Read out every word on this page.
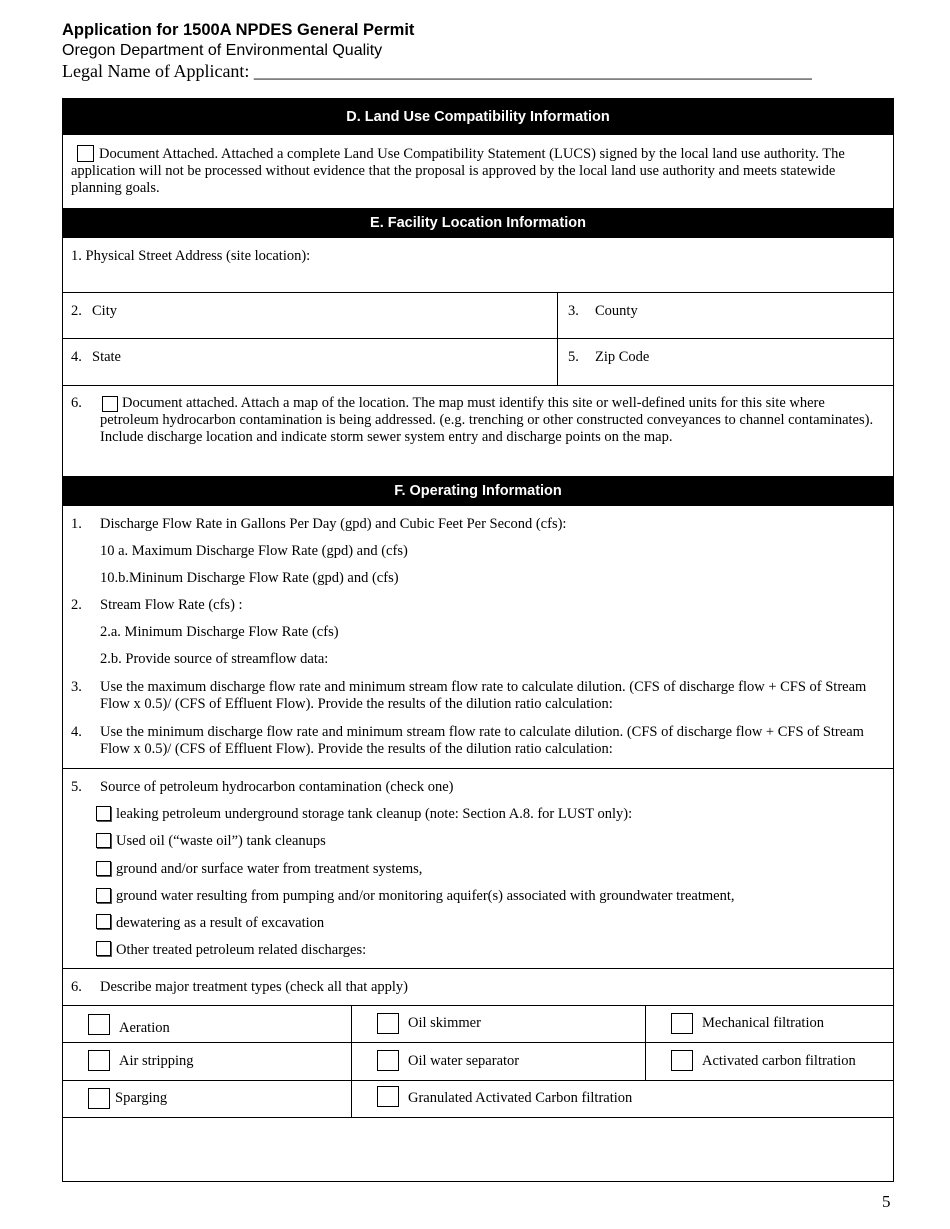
Application for 1500A NPDES General Permit
Oregon Department of Environmental Quality
Legal Name of Applicant: ______________________________________________________________
D. Land Use Compatibility Information
Document Attached. Attached a complete Land Use Compatibility Statement (LUCS) signed by the local land use authority. The application will not be processed without evidence that the proposal is approved by the local land use authority and meets statewide planning goals.
E. Facility Location Information
1. Physical Street Address (site location):
2. City	3. County
4. State	5. Zip Code
6.	Document attached. Attach a map of the location. The map must identify this site or well-defined units for this site where petroleum hydrocarbon contamination is being addressed. (e.g. trenching or other constructed conveyances to channel contaminates). Include discharge location and indicate storm sewer system entry and discharge points on the map.
F. Operating Information
1. Discharge Flow Rate in Gallons Per Day (gpd) and Cubic Feet Per Second (cfs):
10 a. Maximum Discharge Flow Rate (gpd) and (cfs)
10.b.Mininum Discharge Flow Rate (gpd) and (cfs)
2. Stream Flow Rate (cfs) :
2.a. Minimum Discharge Flow Rate (cfs)
2.b. Provide source of streamflow data:
3. Use the maximum discharge flow rate and minimum stream flow rate to calculate dilution. (CFS of discharge flow + CFS of Stream Flow x 0.5)/ (CFS of Effluent Flow). Provide the results of the dilution ratio calculation:
4. Use the minimum discharge flow rate and minimum stream flow rate to calculate dilution. (CFS of discharge flow + CFS of Stream Flow x 0.5)/ (CFS of Effluent Flow). Provide the results of the dilution ratio calculation:
5. Source of petroleum hydrocarbon contamination (check one)
leaking petroleum underground storage tank cleanup (note: Section A.8. for LUST only):
Used oil (“waste oil”) tank cleanups
ground and/or surface water from treatment systems,
ground water resulting from pumping and/or monitoring aquifer(s) associated with groundwater treatment,
dewatering as a result of excavation
Other treated petroleum related discharges:
6. Describe major treatment types (check all that apply)
Aeration	Oil skimmer	Mechanical filtration
Air stripping	Oil water separator	Activated carbon filtration
Sparging	Granulated Activated Carbon filtration
5
